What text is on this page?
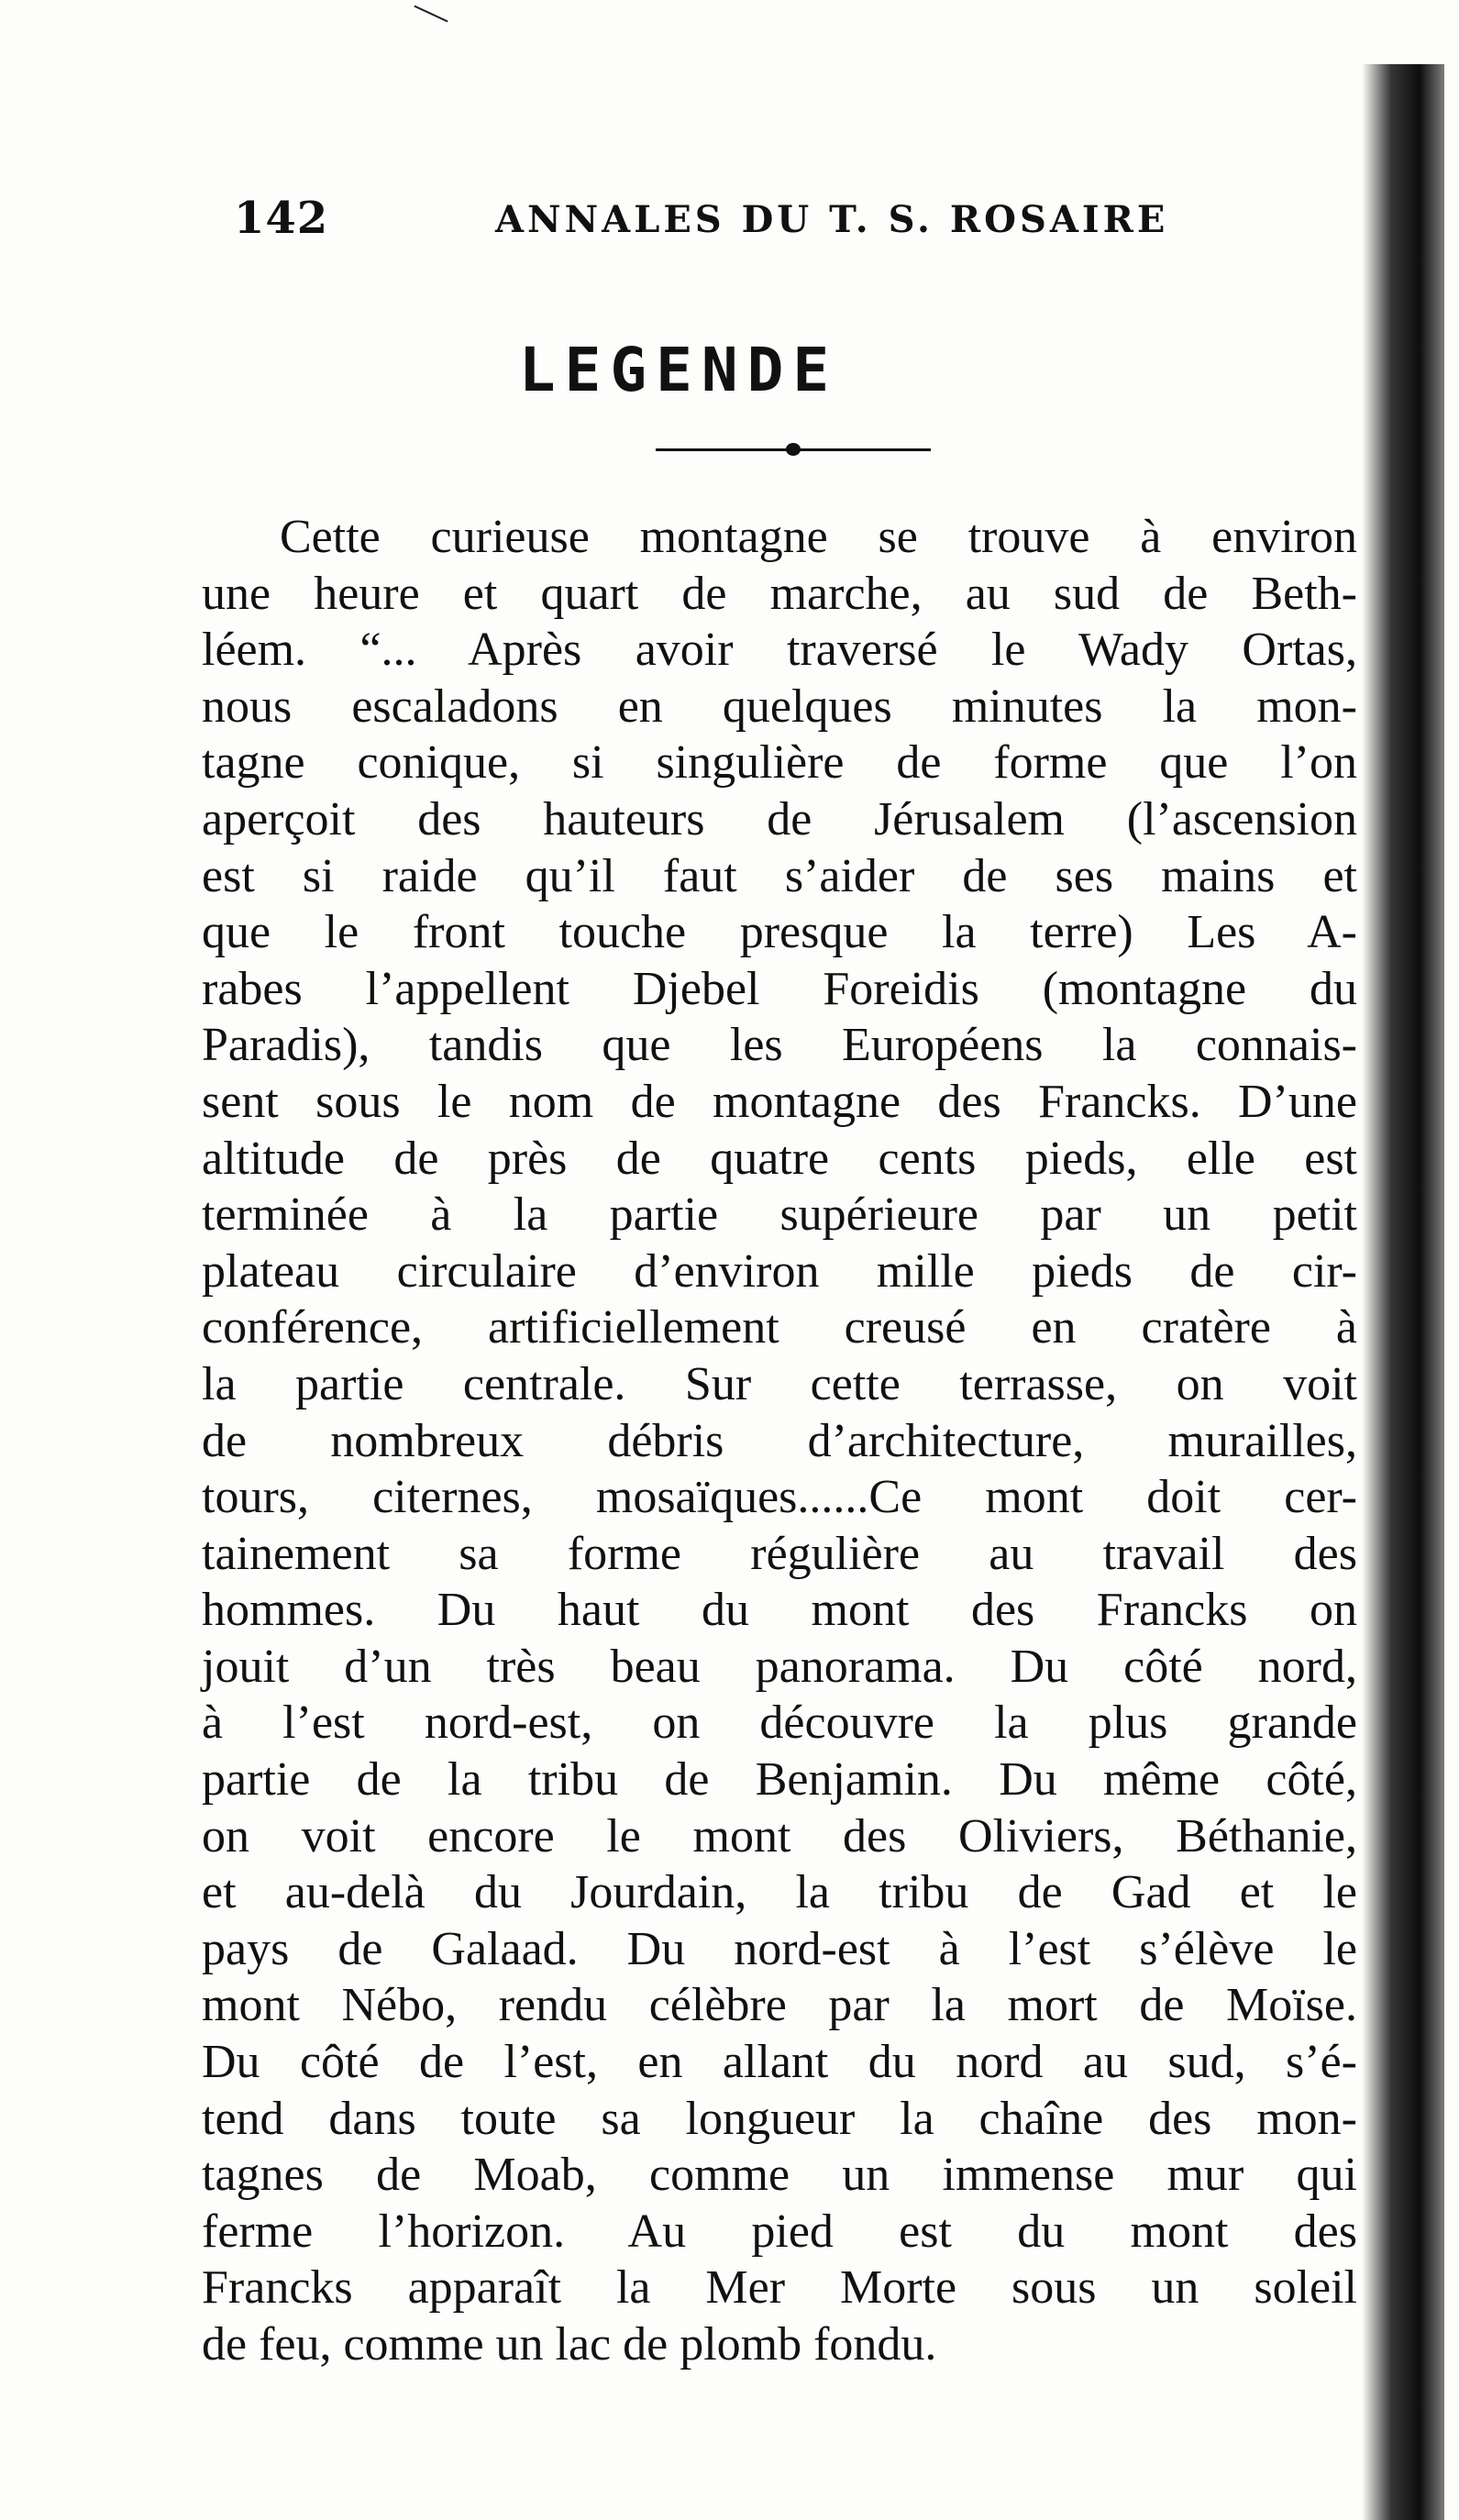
142	ANNALES DU T. S. ROSAIRE
LEGENDE
Cette curieuse montagne se trouve à environ
une heure et quart de marche, au sud de Beth-
léem. “... Après avoir traversé le Wady Ortas,
nous escaladons en quelques minutes la mon-
tagne conique, si singulière de forme que l’on
aperçoit des hauteurs de Jérusalem (l’ascension
est si raide qu’il faut s’aider de ses mains et
que le front touche presque la terre) Les A-
rabes l’appellent Djebel Foreidis (montagne du
Paradis), tandis que les Européens la connais-
sent sous le nom de montagne des Francks. D’une
altitude de près de quatre cents pieds, elle est
terminée à la partie supérieure par un petit
plateau circulaire d’environ mille pieds de cir-
conférence, artificiellement creusé en cratère à
la partie centrale. Sur cette terrasse, on voit
de nombreux débris d’architecture, murailles,
tours, citernes, mosaïques......Ce mont doit cer-
tainement sa forme régulière au travail des
hommes. Du haut du mont des Francks on
jouit d’un très beau panorama. Du côté nord,
à l’est nord-est, on découvre la plus grande
partie de la tribu de Benjamin. Du même côté,
on voit encore le mont des Oliviers, Béthanie,
et au-delà du Jourdain, la tribu de Gad et le
pays de Galaad. Du nord-est à l’est s’élève le
mont Nébo, rendu célèbre par la mort de Moïse.
Du côté de l’est, en allant du nord au sud, s’é-
tend dans toute sa longueur la chaîne des mon-
tagnes de Moab, comme un immense mur qui
ferme l’horizon. Au pied est du mont des
Francks apparaît la Mer Morte sous un soleil
de feu, comme un lac de plomb fondu.
